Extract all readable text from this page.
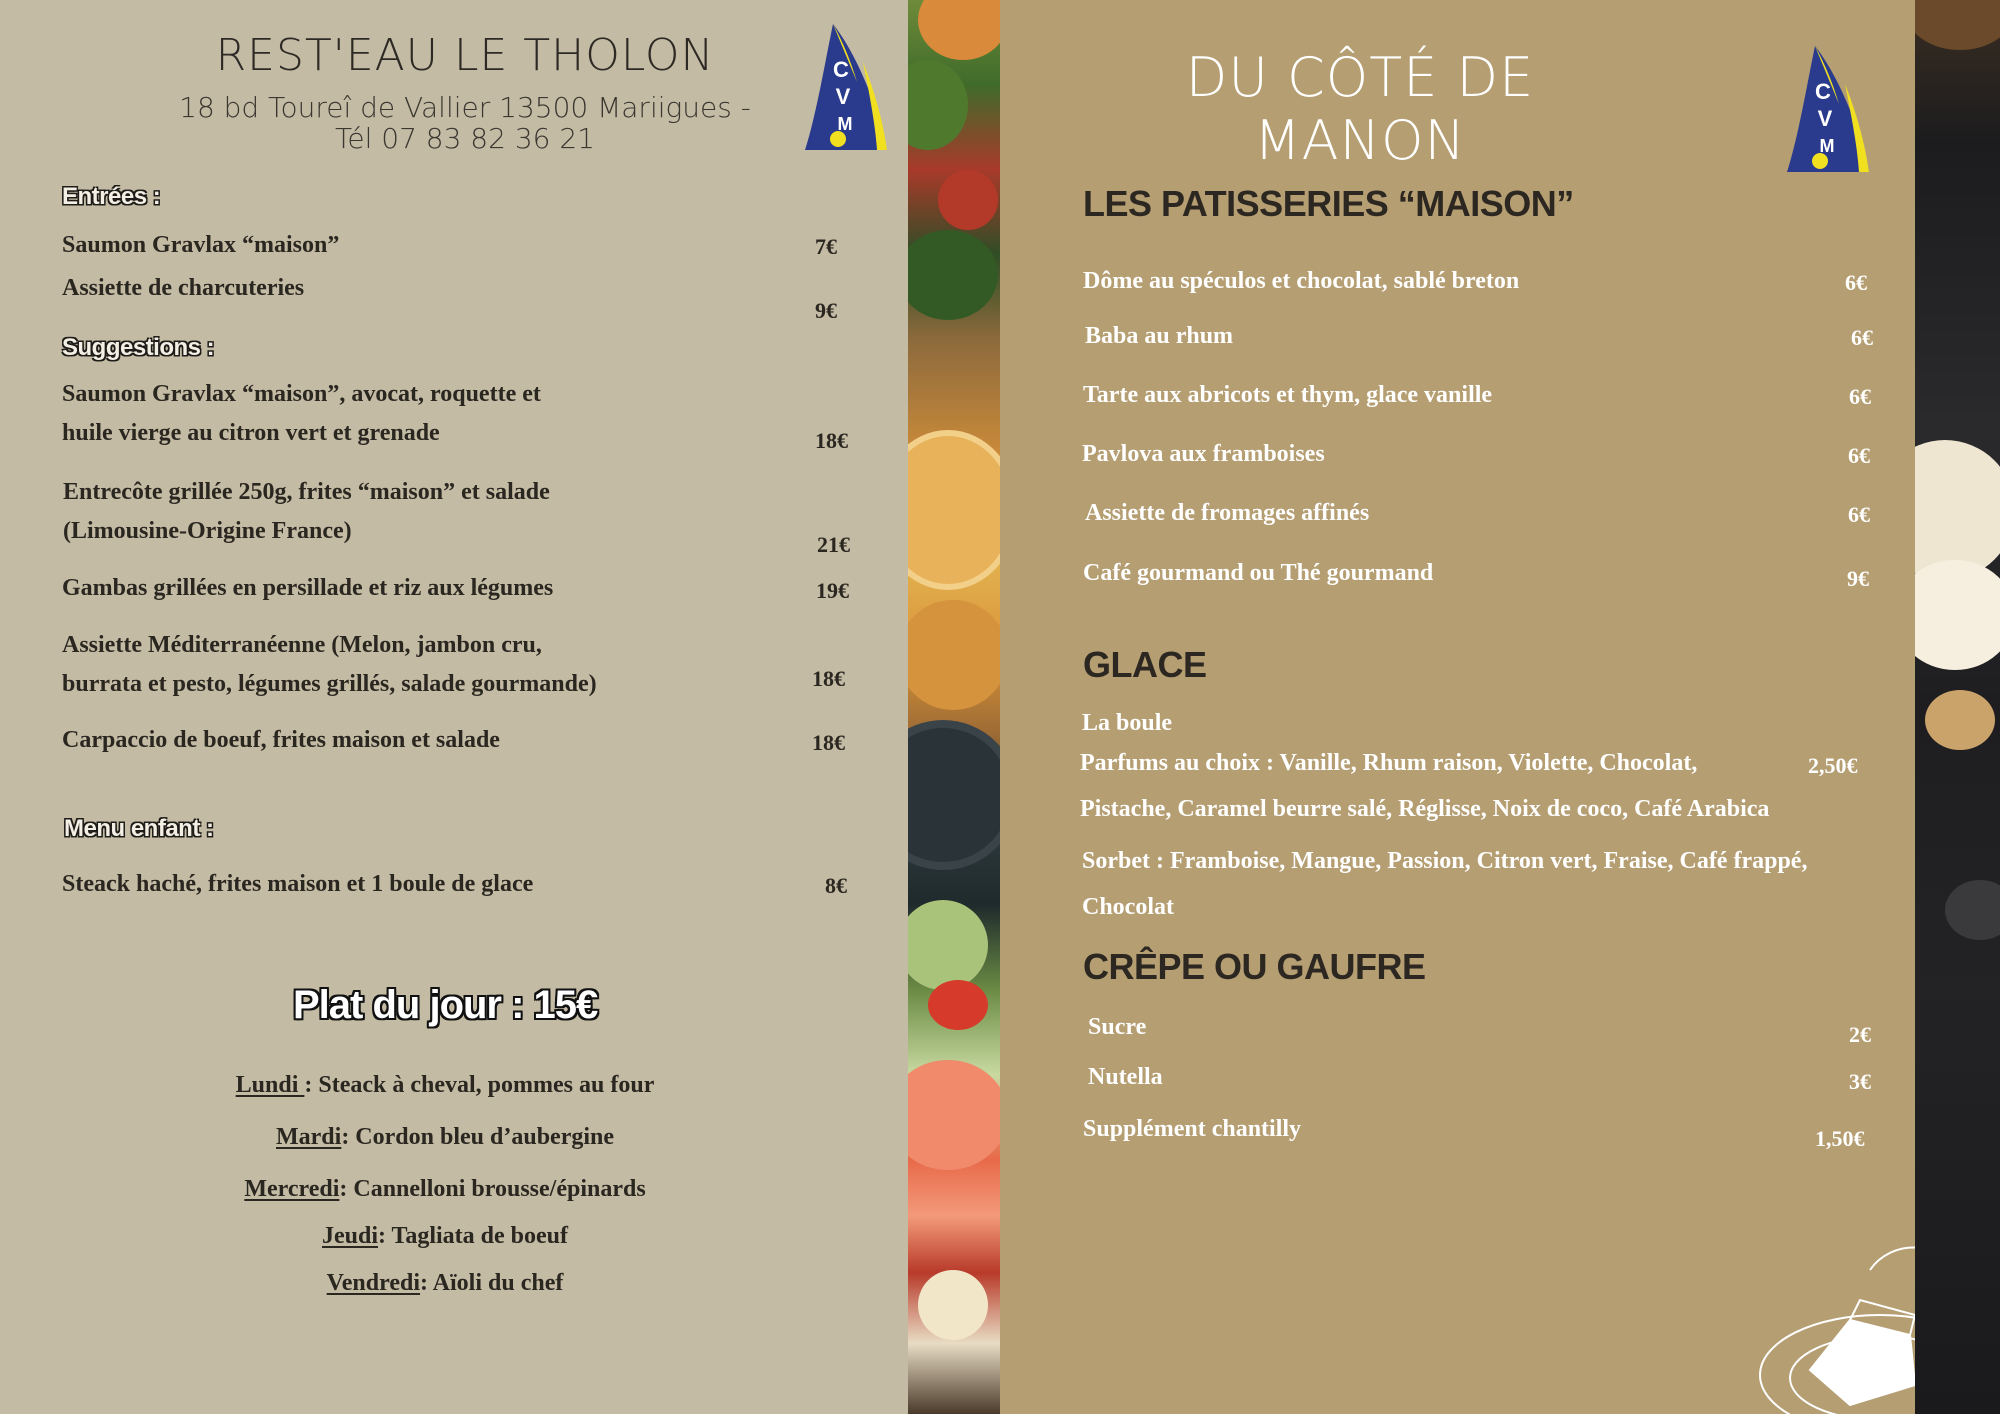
REST'EAU LE THOLON
18 bd Toureî de Vallier 13500 Mariigues -
Tél 07 83 82 36 21
C
V
M
Entrées :
Saumon Gravlax “maison”	7€
Assiette de charcuteries
9€
Suggestions :
Saumon Gravlax “maison”, avocat, roquette et
huile vierge au citron vert et grenade	18€
Entrecôte grillée 250g, frites “maison” et salade
(Limousine-Origine France)
21€
Gambas grillées en persillade et riz aux légumes	19€
Assiette Méditerranéenne (Melon, jambon cru,
burrata et pesto, légumes grillés, salade gourmande)	18€
Carpaccio de boeuf, frites maison et salade	18€
Menu enfant :
Steack haché, frites maison et 1 boule de glace	8€
Plat du jour : 15€
Lundi : Steack à cheval, pommes au four
Mardi: Cordon bleu d’aubergine
Mercredi: Cannelloni brousse/épinards
Jeudi: Tagliata de boeuf
Vendredi: Aïoli du chef
DU CÔTÉ DE MANON
C
V
M
LES PATISSERIES “MAISON”
Dôme au spéculos et chocolat, sablé breton	6€
Baba au rhum	6€
Tarte aux abricots et thym, glace vanille	6€
Pavlova aux framboises	6€
Assiette de fromages affinés	6€
Café gourmand ou Thé gourmand	9€
GLACE
La boule
Parfums au choix : Vanille, Rhum raison, Violette, Chocolat,	2,50€
Pistache, Caramel beurre salé, Réglisse, Noix de coco, Café Arabica
Sorbet : Framboise, Mangue, Passion, Citron vert, Fraise, Café frappé,
Chocolat
CRÊPE OU GAUFRE
Sucre	2€
Nutella	3€
Supplément chantilly	1,50€
